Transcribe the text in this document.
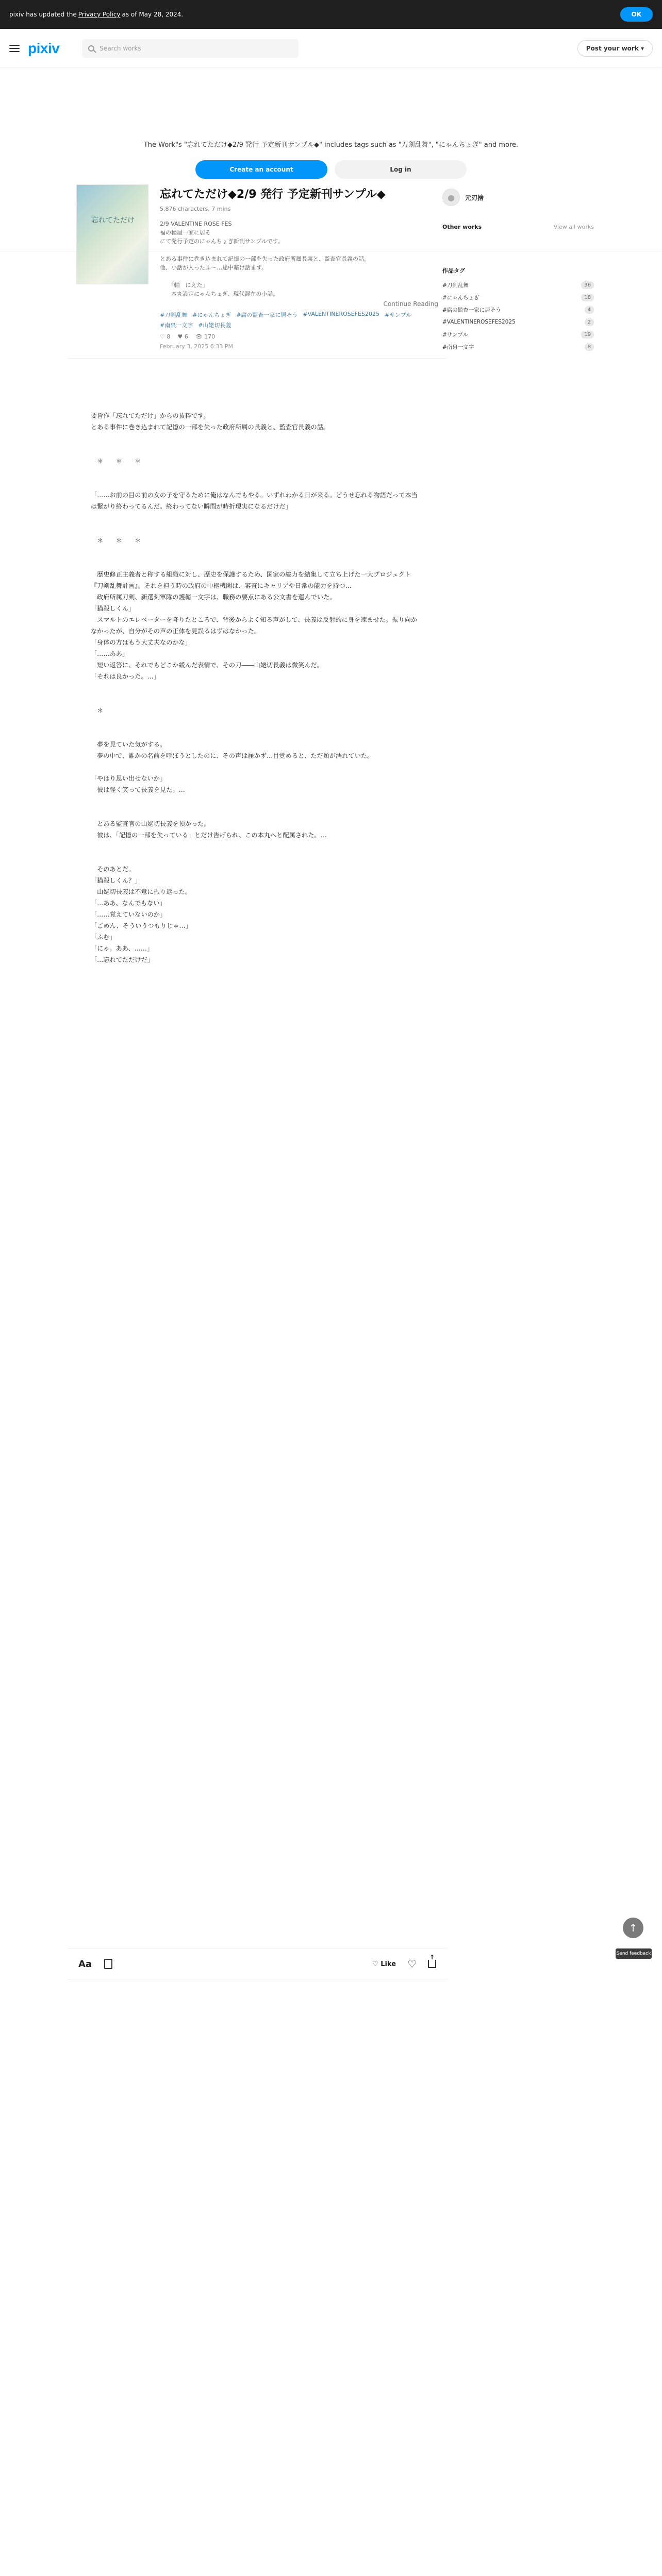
pixiv has updated the Privacy Policy as of May 28, 2024.	OK
pixiv	Search works	Post your work ▾

The Work"s "忘れてただけ◆2/9 発行 予定新刊サンプル◆" includes tags such as "刀剣乱舞", "にゃんちょぎ" and more.

Create an account	Log in
忘れてただけ
忘れてただけ◆2/9 発行 予定新刊サンプル◆
5,876 characters, 7 mins
2/9 VALENTINE ROSE FES
福の種屋一家に居そ
にて発行予定のにゃんちょぎ新刊サンプルです。

とある事件に巻き込まれて記憶の一部を失った政府所属長義と、監査官長義の話。
他、小話が入ったふ〜…途中暗け話まず。

　　「軸　にえた」
　　本丸設定にゃんちょぎ、現代混在の小話。
Continue Reading
#刀剣乱舞 #にゃんちょぎ #腐の監査一家に居そう #VALENTINEROSEFES2025 #サンプル
#南泉一文字 #山姥切長義
♡ 8 ♥ 6 👁 170
February 3, 2025 6:33 PM

要旨作「忘れてただけ」からの抜粋です。

とある事件に巻き込まれて記憶の一部を失った政府所属の長義と、監査官長義の話。

　＊　　＊　　＊

「……お前の目の前の女の子を守るために俺はなんでもやる。いずれわかる日が来る。どうせ忘れる物語だって本当は繋がり終わってるんだ。終わってない瞬間が時折現実になるだけだ」

　＊　　＊　　＊

　歴史修正主義者と称する組織に対し、歴史を保護するため、国家の総力を結集して立ち上げた一大プロジェクト『刀剣乱舞計画』。それを担う時の政府の中枢機関は、審査にキャリアや日常の能力を持つ…

　政府所属刀剣、新選刻軍隊の護衛一文字は、職務の要点にある公文書を運んでいた。

「猫殺しくん」

　スマルトのエレベーターを降りたところで、背後からよく知る声がして、長義は反射的に身を竦ませた。振り向かなかったが、自分がその声の正体を見誤るはずはなかった。

「身体の方はもう大丈夫なのかな」

「……ああ」

　短い返答に、それでもどこか緩んだ表情で、その刀――山姥切長義は微笑んだ。

「それは良かった。…」

　＊

　夢を見ていた気がする。

　夢の中で、誰かの名前を呼ぼうとしたのに、その声は届かず…目覚めると、ただ頬が濡れていた。

「やはり思い出せないか」

　彼は軽く笑って長義を見た。…

　とある監査官の山姥切長義を預かった。

　彼は、「記憶の一部を失っている」とだけ告げられ、この本丸へと配属された。…

　そのあとだ。

「猫殺しくん？」

　山姥切長義は不意に振り返った。

「…ああ、なんでもない」

「……覚えていないのか」

「ごめん、そういうつもりじゃ…」

「ふむ」

「にゃ。ああ、……」

「…忘れてただけだ」

●	元刃捨
Other works	View all works
作品タグ
#刀剣乱舞	36
#にゃんちょぎ	18
#腐の監査一家に居そう	4
#VALENTINEROSEFES2025	2
#サンプル	19
#南泉一文字	8
↑
Send feedback
Aa	♡ Like ♡
↑
